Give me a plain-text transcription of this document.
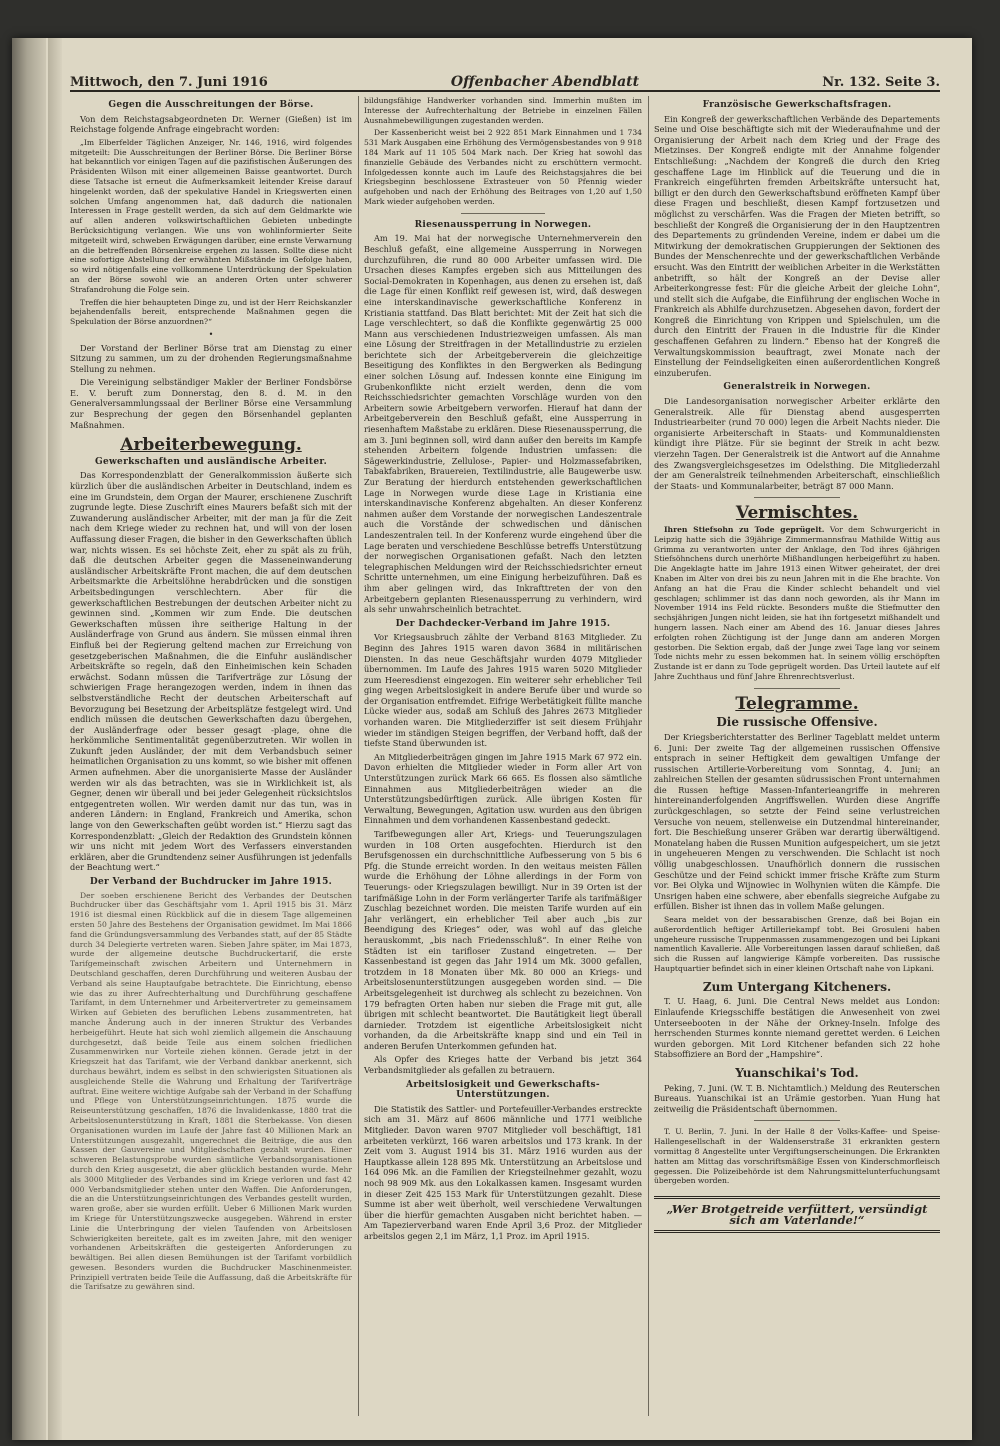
Mittwoch, den 7. Juni 1916	Offenbacher Abendblatt	Nr. 132. Seite 3.
Gegen die Ausschreitungen der Börse.

Von dem Reichstagsabgeordneten Dr. Werner (Gießen) ist im Reichstage folgende Anfrage eingebracht worden:

„Im Elberfelder Täglichen Anzeiger, Nr. 146, 1916, wird folgendes mitgeteilt: Die Ausschreitungen der Berliner Börse. Die Berliner Börse hat bekanntlich vor einigen Tagen auf die pazifistischen Äußerungen des Präsidenten Wilson mit einer allgemeinen Baisse geantwortet. Durch diese Tatsache ist erneut die Aufmerksamkeit leitender Kreise darauf hingelenkt worden, daß der spekulative Handel in Kriegswerten einen solchen Umfang angenommen hat, daß dadurch die nationalen Interessen in Frage gestellt werden, da sich auf dem Geldmarkte wie auf allen anderen volkswirtschaftlichen Gebieten unbedingte Berücksichtigung verlangen. Wie uns von wohlinformierter Seite mitgeteilt wird, schweben Erwägungen darüber, eine ernste Verwarnung an die betreffenden Börsenkreise ergehen zu lassen. Sollte diese nicht eine sofortige Abstellung der erwähnten Mißstände im Gefolge haben, so wird nötigenfalls eine vollkommene Unterdrückung der Spekulation an der Börse sowohl wie an anderen Orten unter schwerer Strafandrohung die Folge sein.

Treffen die hier behaupteten Dinge zu, und ist der Herr Reichskanzler bejahendenfalls bereit, entsprechende Maßnahmen gegen die Spekulation der Börse anzuordnen?“

•

Der Vorstand der Berliner Börse trat am Dienstag zu einer Sitzung zu sammen, um zu der drohenden Regierungsmaßnahme Stellung zu nehmen.

Die Vereinigung selbständiger Makler der Berliner Fondsbörse E. V. beruft zum Donnerstag, den 8. d. M. in den Generalversammlungssaal der Berliner Börse eine Versammlung zur Besprechung der gegen den Börsenhandel geplanten Maßnahmen.

Arbeiterbewegung.
Gewerkschaften und ausländische Arbeiter.

Das Korrespondenzblatt der Generalkommission äußerte sich kürzlich über die ausländischen Arbeiter in Deutschland, indem es eine im Grundstein, dem Organ der Maurer, erschienene Zuschrift zugrunde legte. Diese Zuschrift eines Maurers befaßt sich mit der Zuwanderung ausländischer Arbeiter, mit der man ja für die Zeit nach dem Kriege wieder zu rechnen hat, und will von der losen Auffassung dieser Fragen, die bisher in den Gewerkschaften üblich war, nichts wissen. Es sei höchste Zeit, eher zu spät als zu früh, daß die deutschen Arbeiter gegen die Masseneinwanderung ausländischer Arbeitskräfte Front machen, die auf dem deutschen Arbeitsmarkte die Arbeitslöhne herabdrücken und die sonstigen Arbeitsbedingungen verschlechtern. Aber für die gewerkschaftlichen Bestrebungen der deutschen Arbeiter nicht zu gewinnen sind. „Kommen wir zum Ende. Die deutschen Gewerkschaften müssen ihre seitherige Haltung in der Ausländerfrage von Grund aus ändern. Sie müssen einmal ihren Einfluß bei der Regierung geltend machen zur Erreichung von gesetzgeberischen Maßnahmen, die die Einfuhr ausländischer Arbeitskräfte so regeln, daß den Einheimischen kein Schaden erwächst. Sodann müssen die Tarifverträge zur Lösung der schwierigen Frage herangezogen werden, indem in ihnen das selbstverständliche Recht der deutschen Arbeiterschaft auf Bevorzugung bei Besetzung der Arbeitsplätze festgelegt wird. Und endlich müssen die deutschen Gewerkschaften dazu übergehen, der Ausländerfrage oder besser gesagt -plage, ohne die herkömmliche Sentimentalität gegenüberzutreten. Wir wollen in Zukunft jeden Ausländer, der mit dem Verbandsbuch seiner heimatlichen Organisation zu uns kommt, so wie bisher mit offenen Armen aufnehmen. Aber die unorganisierte Masse der Ausländer werden wir als das betrachten, was sie in Wirklichkeit ist, als Gegner, denen wir überall und bei jeder Gelegenheit rücksichtslos entgegentreten wollen. Wir werden damit nur das tun, was in anderen Ländern: in England, Frankreich und Amerika, schon lange von den Gewerkschaften geübt worden ist.“ Hierzu sagt das Korrespondenzblatt: „Gleich der Redaktion des Grundstein können wir uns nicht mit jedem Wort des Verfassers einverstanden erklären, aber die Grundtendenz seiner Ausführungen ist jedenfalls der Beachtung wert.“

Der Verband der Buchdrucker im Jahre 1915.

Der soeben erschienene Bericht des Verbandes der Deutschen Buchdrucker über das Geschäftsjahr vom 1. April 1915 bis 31. März 1916 ist diesmal einen Rückblick auf die in diesem Tage allgemeinen ersten 50 Jahre des Bestehens der Organisation gewidmet. Im Mai 1866 fand die Gründungsversammlung des Verbandes statt, auf der 85 Städte durch 34 Delegierte vertreten waren. Sieben Jahre später, im Mai 1873, wurde der allgemeine deutsche Buchdruckertarif, die erste Tarifgemeinschaft zwischen Arbeitern und Unternehmern in Deutschland geschaffen, deren Durchführung und weiteren Ausbau der Verband als seine Hauptaufgabe betrachtete. Die Einrichtung, ebenso wie das zu ihrer Aufrechterhaltung und Durchführung geschaffene Tarifamt, in dem Unternehmer und Arbeitervertreter zu gemeinsamem Wirken auf Gebieten des beruflichen Lebens zusammentreten, hat manche Änderung auch in der inneren Struktur des Verbandes herbeigeführt. Heute hat sich wohl ziemlich allgemein die Anschauung durchgesetzt, daß beide Teile aus einem solchen friedlichen Zusammenwirken nur Vorteile ziehen können. Gerade jetzt in der Kriegszeit hat das Tarifamt, wie der Verband dankbar anerkennt, sich durchaus bewährt, indem es selbst in den schwierigsten Situationen als ausgleichende Stelle die Wahrung und Erhaltung der Tarifverträge auftrat. Eine weitere wichtige Aufgabe sah der Verband in der Schaffung und Pflege von Unterstützungseinrichtungen. 1875 wurde die Reiseunterstützung geschaffen, 1876 die Invalidenkasse, 1880 trat die Arbeitslosenunterstützung in Kraft, 1881 die Sterbekasse. Von diesen Organisationen wurden im Laufe der Jahre fast 40 Millionen Mark an Unterstützungen ausgezahlt, ungerechnet die Beiträge, die aus den Kassen der Gauvereine und Mitgliedschaften gezahlt wurden. Einer schweren Belastungsprobe wurden sämtliche Verbandsorganisationen durch den Krieg ausgesetzt, die aber glücklich bestanden wurde. Mehr als 3000 Mitglieder des Verbandes sind im Kriege verloren und fast 42 000 Verbandsmitglieder stehen unter den Waffen. Die Anforderungen, die an die Unterstützungseinrichtungen des Verbandes gestellt wurden, waren große, aber sie wurden erfüllt. Ueber 6 Millionen Mark wurden im Kriege für Unterstützungszwecke ausgegeben. Während in erster Linie die Unterbringung der vielen Taufenden von Arbeitslosen Schwierigkeiten bereitete, galt es im zweiten Jahre, mit den weniger vorhandenen Arbeitskräften die gesteigerten Anforderungen zu bewältigen. Bei allen diesen Bemühungen ist der Tarifamt vorbildlich gewesen. Besonders wurden die Buchdrucker Maschinenmeister. Prinzipiell vertraten beide Teile die Auffassung, daß die Arbeitskräfte für die Tarifsatze zu gewähren sind.

bildungsfähige Handwerker vorhanden sind. Immerhin mußten im Interesse der Aufrechterhaltung der Betriebe in einzelnen Fällen Ausnahmebewilligungen zugestanden werden.

Der Kassenbericht weist bei 2 922 851 Mark Einnahmen und 1 734 531 Mark Ausgaben eine Erhöhung des Vermögensbestandes von 9 918 184 Mark auf 11 105 504 Mark nach. Der Krieg hat sowohl das finanzielle Gebäude des Verbandes nicht zu erschüttern vermocht. Infolgedessen konnte auch im Laufe des Reichstagsjahres die bei Kriegsbeginn beschlossene Extrasteuer von 50 Pfennig wieder aufgehoben und nach der Erhöhung des Beitrages von 1,20 auf 1,50 Mark wieder aufgehoben werden.

Riesenaussperrung in Norwegen.

Am 19. Mai hat der norwegische Unternehmerverein den Beschluß gefaßt, eine allgemeine Aussperrung in Norwegen durchzuführen, die rund 80 000 Arbeiter umfassen wird. Die Ursachen dieses Kampfes ergeben sich aus Mitteilungen des Social-Demokraten in Kopenhagen, aus denen zu ersehen ist, daß die Lage für einen Konflikt reif gewesen ist, wird, daß deswegen eine interskandinavische gewerkschaftliche Konferenz in Kristiania stattfand. Das Blatt berichtet: Mit der Zeit hat sich die Lage verschlechtert, so daß die Konflikte gegenwärtig 25 000 Mann aus verschiedenen Industriezweigen umfassen. Als man eine Lösung der Streitfragen in der Metallindustrie zu erzielen berichtete sich der Arbeitgeberverein die gleichzeitige Beseitigung des Konfliktes in den Bergwerken als Bedingung einer solchen Lösung auf. Indessen konnte eine Einigung im Grubenkonflikte nicht erzielt werden, denn die vom Reichsschiedsrichter gemachten Vorschläge wurden von den Arbeitern sowie Arbeitgebern verworfen. Hierauf hat dann der Arbeitgeberverein den Beschluß gefaßt, eine Aussperrung in riesenhaftem Maßstabe zu erklären. Diese Riesenaussperrung, die am 3. Juni beginnen soll, wird dann außer den bereits im Kampfe stehenden Arbeitern folgende Industrien umfassen: die Sägewerkindustrie, Zellulose-, Papier- und Holzmassefabriken, Tabakfabriken, Brauereien, Textilindustrie, alle Baugewerbe usw. Zur Beratung der hierdurch entstehenden gewerkschaftlichen Lage in Norwegen wurde diese Lage in Kristiania eine interskandinavische Konferenz abgehalten. An dieser Konferenz nahmen außer dem Vorstande der norwegischen Landeszentrale auch die Vorstände der schwedischen und dänischen Landeszentralen teil. In der Konferenz wurde eingehend über die Lage beraten und verschiedene Beschlüsse betreffs Unterstützung der norwegischen Organisationen gefaßt. Nach den letzten telegraphischen Meldungen wird der Reichsschiedsrichter erneut Schritte unternehmen, um eine Einigung herbeizuführen. Daß es ihm aber gelingen wird, das Inkrafttreten der von den Arbeitgebern geplanten Riesenaussperrung zu verhindern, wird als sehr unwahrscheinlich betrachtet.

Der Dachdecker-Verband im Jahre 1915.

Vor Kriegsausbruch zählte der Verband 8163 Mitglieder. Zu Beginn des Jahres 1915 waren davon 3684 in militärischen Diensten. In das neue Geschäftsjahr wurden 4079 Mitglieder übernommen. Im Laufe des Jahres 1915 waren 5020 Mitglieder zum Heeresdienst eingezogen. Ein weiterer sehr erheblicher Teil ging wegen Arbeitslosigkeit in andere Berufe über und wurde so der Organisation entfremdet. Eifrige Werbetätigkeit füllte manche Lücke wieder aus, sodaß am Schluß des Jahres 2673 Mitglieder vorhanden waren. Die Mitgliederziffer ist seit diesem Frühjahr wieder im ständigen Steigen begriffen, der Verband hofft, daß der tiefste Stand überwunden ist.

An Mitgliederbeiträgen gingen im Jahre 1915 Mark 67 972 ein. Davon erhielten die Mitglieder wieder in Form aller Art von Unterstützungen zurück Mark 66 665. Es flossen also sämtliche Einnahmen aus Mitgliederbeiträgen wieder an die Unterstützungsbedürftigen zurück. Alle übrigen Kosten für Verwaltung, Bewegungen, Agitation usw. wurden aus den übrigen Einnahmen und dem vorhandenen Kassenbestand gedeckt.

Tarifbewegungen aller Art, Kriegs- und Teuerungszulagen wurden in 108 Orten ausgefochten. Hierdurch ist den Berufsgenossen ein durchschnittliche Aufbesserung von 5 bis 6 Pfg. die Stunde erreicht worden. In den weitaus meisten Fällen wurde die Erhöhung der Löhne allerdings in der Form von Teuerungs- oder Kriegszulagen bewilligt. Nur in 39 Orten ist der tarifmäßige Lohn in der Form verlängerter Tarife als tarifmäßiger Zuschlag bezeichnet worden. Die meisten Tarife wurden auf ein Jahr verlängert, ein erheblicher Teil aber auch „bis zur Beendigung des Krieges“ oder, was wohl auf das gleiche herauskommt, „bis nach Friedensschluß“. In einer Reihe von Städten ist ein tarifloser Zustand eingetreten. — Der Kassenbestand ist gegen das Jahr 1914 um Mk. 3000 gefallen, trotzdem in 18 Monaten über Mk. 80 000 an Kriegs- und Arbeitslosenunterstützungen ausgegeben worden sind. — Die Arbeitsgelegenheit ist durchweg als schlecht zu bezeichnen. Von 179 befragten Orten haben nur sieben die Frage mit gut, alle übrigen mit schlecht beantwortet. Die Bautätigkeit liegt überall darnieder. Trotzdem ist eigentliche Arbeitslosigkeit nicht vorhanden, da die Arbeitskräfte knapp sind und ein Teil in anderen Berufen Unterkommen gefunden hat.

Als Opfer des Krieges hatte der Verband bis jetzt 364 Verbandsmitglieder als gefallen zu betrauern.

Arbeitslosigkeit und Gewerkschafts-Unterstützungen.

Die Statistik des Sattler- und Portefeuiller-Verbandes erstreckte sich am 31. März auf 8606 männliche und 1771 weibliche Mitglieder. Davon waren 9707 Mitglieder voll beschäftigt, 181 arbeiteten verkürzt, 166 waren arbeitslos und 173 krank. In der Zeit vom 3. August 1914 bis 31. März 1916 wurden aus der Hauptkasse allein 128 895 Mk. Unterstützung an Arbeitslose und 164 096 Mk. an die Familien der Kriegsteilnehmer gezahlt, wozu noch 98 909 Mk. aus den Lokalkassen kamen. Insgesamt wurden in dieser Zeit 425 153 Mark für Unterstützungen gezahlt. Diese Summe ist aber weit überholt, weil verschiedene Verwaltungen über die hierfür gemachten Ausgaben nicht berichtet haben. — Am Tapezierverband waren Ende April 3,6 Proz. der Mitglieder arbeitslos gegen 2,1 im März, 1,1 Proz. im April 1915.

Französische Gewerkschaftsfragen.

Ein Kongreß der gewerkschaftlichen Verbände des Departements Seine und Oise beschäftigte sich mit der Wiederaufnahme und der Organisierung der Arbeit nach dem Krieg und der Frage des Mietzinses. Der Kongreß endigte mit der Annahme folgender Entschließung: „Nachdem der Kongreß die durch den Krieg geschaffene Lage im Hinblick auf die Teuerung und die in Frankreich eingeführten fremden Arbeitskräfte untersucht hat, billigt er den durch den Gewerkschaftsbund eröffneten Kampf über diese Fragen und beschließt, diesen Kampf fortzusetzen und möglichst zu verschärfen. Was die Fragen der Mieten betrifft, so beschließt der Kongreß die Organisierung der in den Hauptzentren des Departements zu gründenden Vereine, indem er dabei um die Mitwirkung der demokratischen Gruppierungen der Sektionen des Bundes der Menschenrechte und der gewerkschaftlichen Verbände ersucht. Was den Eintritt der weiblichen Arbeiter in die Werkstätten anbetrifft, so hält der Kongreß an der Devise aller Arbeiterkongresse fest: Für die gleiche Arbeit der gleiche Lohn“, und stellt sich die Aufgabe, die Einführung der englischen Woche in Frankreich als Abhilfe durchzusetzen. Abgesehen davon, fordert der Kongreß die Einrichtung von Krippen und Spielschulen, um die durch den Eintritt der Frauen in die Industrie für die Kinder geschaffenen Gefahren zu lindern.“ Ebenso hat der Kongreß die Verwaltungskommission beauftragt, zwei Monate nach der Einstellung der Feindseligkeiten einen außerordentlichen Kongreß einzuberufen.

Generalstreik in Norwegen.

Die Landesorganisation norwegischer Arbeiter erklärte den Generalstreik. Alle für Dienstag abend ausgesperrten Industriearbeiter (rund 70 000) legen die Arbeit Nachts nieder. Die organisierte Arbeiterschaft in Staats- und Kommunaldiensten kündigt ihre Plätze. Für sie beginnt der Streik in acht bezw. vierzehn Tagen. Der Generalstreik ist die Antwort auf die Annahme des Zwangsvergleichsgesetzes im Odelsthing. Die Mitgliederzahl der am Generalstreik teilnehmenden Arbeiterschaft, einschließlich der Staats- und Kommunalarbeiter, beträgt 87 000 Mann.

Vermischtes.

Ihren Stiefsohn zu Tode geprügelt. Vor dem Schwurgericht in Leipzig hatte sich die 39jährige Zimmermannsfrau Mathilde Wittig aus Grimma zu verantworten unter der Anklage, den Tod ihres 6jährigen Stiefsöhnchens durch unerhörte Mißhandlungen herbeigeführt zu haben. Die Angeklagte hatte im Jahre 1913 einen Witwer geheiratet, der drei Knaben im Alter von drei bis zu neun Jahren mit in die Ehe brachte. Von Anfang an hat die Frau die Kinder schlecht behandelt und viel geschlagen; schlimmer ist das dann noch geworden, als ihr Mann im November 1914 ins Feld rückte. Besonders mußte die Stiefmutter den sechsjährigen Jungen nicht leiden, sie hat ihn fortgesetzt mißhandelt und hungern lassen. Nach einer am Abend des 16. Januar dieses Jahres erfolgten rohen Züchtigung ist der Junge dann am anderen Morgen gestorben. Die Sektion ergab, daß der Junge zwei Tage lang vor seinem Tode nichts mehr zu essen bekommen hat. In seinem völlig erschöpften Zustande ist er dann zu Tode geprügelt worden. Das Urteil lautete auf elf Jahre Zuchthaus und fünf Jahre Ehrenrechtsverlust.

Telegramme.
Die russische Offensive.

Der Kriegsberichterstatter des Berliner Tageblatt meldet unterm 6. Juni: Der zweite Tag der allgemeinen russischen Offensive entsprach in seiner Heftigkeit dem gewaltigen Umfange der russischen Artillerie-Vorbereitung vom Sonntag, 4. Juni; an zahlreichen Stellen der gesamten südrussischen Front unternahmen die Russen heftige Massen-Infanterieangriffe in mehreren hintereinanderfolgenden Angriffswellen. Wurden diese Angriffe zurückgeschlagen, so setzte der Feind seine verlustreichen Versuche von neuem, stellenweise ein Dutzendmal hintereinander, fort. Die Beschießung unserer Gräben war derartig überwältigend. Monatelang haben die Russen Munition aufgespeichert, um sie jetzt in ungeheueren Mengen zu verschwenden. Die Schlacht ist noch völlig unabgeschlossen. Unaufhörlich donnern die russischen Geschütze und der Feind schickt immer frische Kräfte zum Sturm vor. Bei Olyka und Wijnowiec in Wolhynien wüten die Kämpfe. Die Unsrigen haben eine schwere, aber ebenfalls siegreiche Aufgabe zu erfüllen. Bisher ist ihnen das in vollem Maße gelungen.

Seara meldet von der bessarabischen Grenze, daß bei Bojan ein außerordentlich heftiger Artilleriekampf tobt. Bei Grosuleni haben ungeheure russische Truppenmassen zusammengezogen und bei Lipkani namentlich Kavallerie. Alle Vorbereitungen lassen darauf schließen, daß sich die Russen auf langwierige Kämpfe vorbereiten. Das russische Hauptquartier befindet sich in einer kleinen Ortschaft nahe von Lipkani.

Zum Untergang Kitcheners.

T. U. Haag, 6. Juni. Die Central News meldet aus London: Einlaufende Kriegsschiffe bestätigen die Anwesenheit von zwei Unterseebooten in der Nähe der Orkney-Inseln. Infolge des herrschenden Sturmes konnte niemand gerettet werden. 6 Leichen wurden geborgen. Mit Lord Kitchener befanden sich 22 hohe Stabsoffiziere an Bord der „Hampshire“.

Yuanschikai's Tod.

Peking, 7. Juni. (W. T. B. Nichtamtlich.) Meldung des Reuterschen Bureaus. Yuanschikai ist an Urämie gestorben. Yuan Hung hat zeitweilig die Präsidentschaft übernommen.

T. U. Berlin, 7. Juni. In der Halle 8 der Volks-Kaffee- und Speise-Hallengesellschaft in der Waldenserstraße 31 erkrankten gestern vormittag 8 Angestellte unter Vergiftungserscheinungen. Die Erkrankten hatten am Mittag das vorschriftsmäßige Essen von Kinderschmorfleisch gegessen. Die Polizeibehörde ist dem Nahrungsmittelunterfuchungsamt übergeben worden.

„Wer Brotgetreide verfüttert, versündigt sich am Vaterlande!“
